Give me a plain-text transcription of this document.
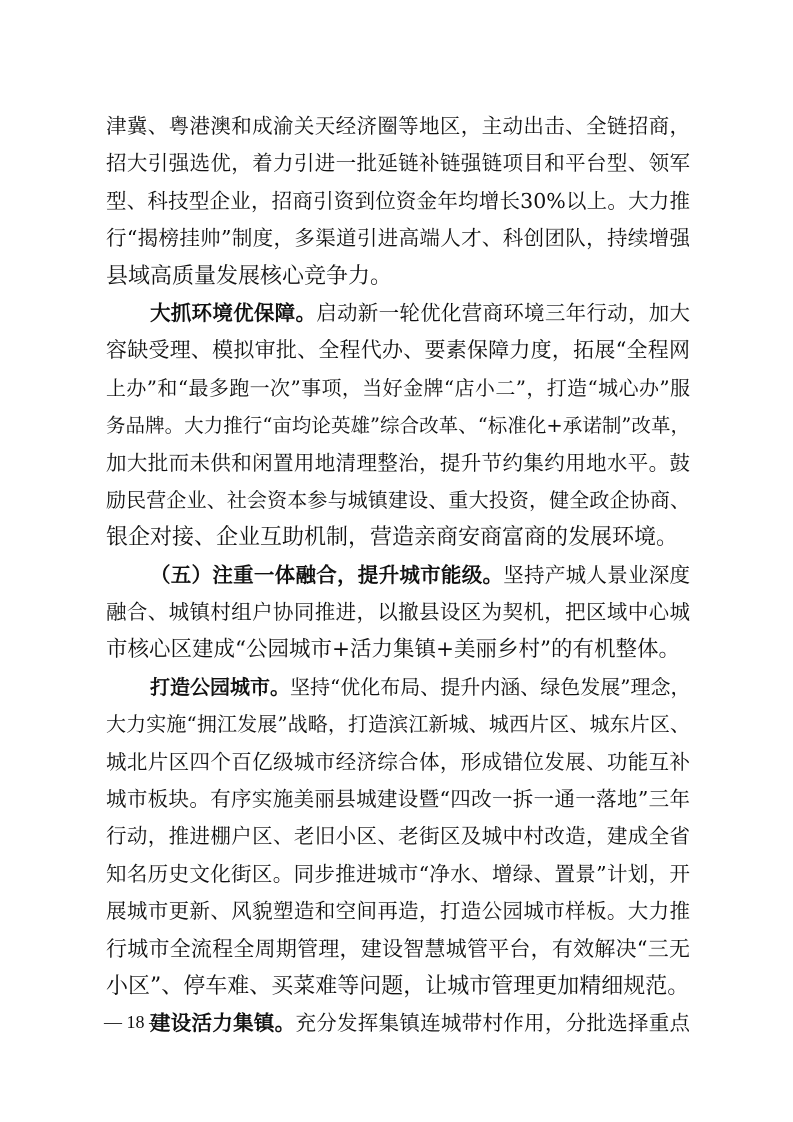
津冀、粤港澳和成渝关天经济圈等地区，主动出击、全链招商，
招大引强选优，着力引进一批延链补链强链项目和平台型、领军
型、科技型企业，招商引资到位资金年均增长30%以上。大力推
行“揭榜挂帅”制度，多渠道引进高端人才、科创团队，持续增强
县域高质量发展核心竞争力。
大抓环境优保障。启动新一轮优化营商环境三年行动，加大
容缺受理、模拟审批、全程代办、要素保障力度，拓展“全程网
上办”和“最多跑一次”事项，当好金牌“店小二”，打造“城心办”服
务品牌。大力推行“亩均论英雄”综合改革、“标准化+承诺制”改革，
加大批而未供和闲置用地清理整治，提升节约集约用地水平。鼓
励民营企业、社会资本参与城镇建设、重大投资，健全政企协商、
银企对接、企业互助机制，营造亲商安商富商的发展环境。
（五）注重一体融合，提升城市能级。坚持产城人景业深度
融合、城镇村组户协同推进，以撤县设区为契机，把区域中心城
市核心区建成“公园城市+活力集镇+美丽乡村”的有机整体。
打造公园城市。坚持“优化布局、提升内涵、绿色发展”理念，
大力实施“拥江发展”战略，打造滨江新城、城西片区、城东片区、
城北片区四个百亿级城市经济综合体，形成错位发展、功能互补
城市板块。有序实施美丽县城建设暨“四改一拆一通一落地”三年
行动，推进棚户区、老旧小区、老街区及城中村改造，建成全省
知名历史文化街区。同步推进城市“净水、增绿、置景”计划，开
展城市更新、风貌塑造和空间再造，打造公园城市样板。大力推
行城市全流程全周期管理，建设智慧城管平台，有效解决“三无
小区”、停车难、买菜难等问题，让城市管理更加精细规范。
建设活力集镇。充分发挥集镇连城带村作用，分批选择重点
— 18 —
